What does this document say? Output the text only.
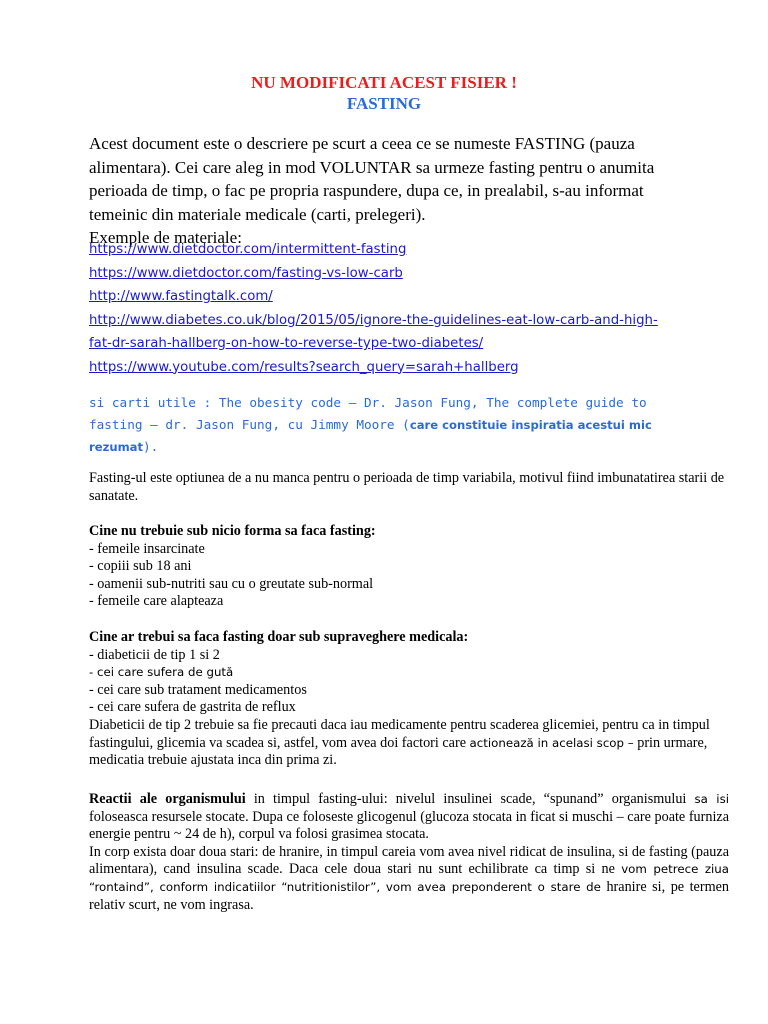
NU MODIFICATI ACEST FISIER !
FASTING
Acest document este o descriere pe scurt a ceea ce se numeste FASTING (pauza alimentara). Cei care aleg in mod VOLUNTAR sa urmeze fasting pentru o anumita perioada de timp, o fac pe propria raspundere, dupa ce, in prealabil, s-au informat temeinic din materiale medicale (carti, prelegeri).
Exemple de materiale:
https://www.dietdoctor.com/intermittent-fasting
https://www.dietdoctor.com/fasting-vs-low-carb
http://www.fastingtalk.com/
http://www.diabetes.co.uk/blog/2015/05/ignore-the-guidelines-eat-low-carb-and-high-
fat-dr-sarah-hallberg-on-how-to-reverse-type-two-diabetes/
https://www.youtube.com/results?search_query=sarah+hallberg
si carti utile : The obesity code – Dr. Jason Fung, The complete guide to fasting – dr. Jason Fung, cu Jimmy Moore (care constituie inspiratia acestui mic rezumat).

Fasting-ul este optiunea de a nu manca pentru o perioada de timp variabila, motivul fiind imbunatatirea starii de sanatate.

Cine nu trebuie sub nicio forma sa faca fasting:

- femeile insarcinate

- copiii sub 18 ani

- oamenii sub-nutriti sau cu o greutate sub-normal

- femeile care alapteaza

Cine ar trebui sa faca fasting doar sub supraveghere medicala:

- diabeticii de tip 1 si 2

- cei care sufera de gută

- cei care sub tratament medicamentos

- cei care sufera de gastrita de reflux

Diabeticii de tip 2 trebuie sa fie precauti daca iau medicamente pentru scaderea glicemiei, pentru ca in timpul fastingului, glicemia va scadea si, astfel, vom avea doi factori care actionează in acelasi scop – prin urmare, medicatia trebuie ajustata inca din prima zi.

Reactii ale organismului in timpul fasting-ului: nivelul insulinei scade, “spunand” organismului sa isi foloseasca resursele stocate. Dupa ce foloseste glicogenul (glucoza stocata in ficat si muschi – care poate furniza energie pentru ~ 24 de h), corpul va folosi grasimea stocata.

In corp exista doar doua stari: de hranire, in timpul careia vom avea nivel ridicat de insulina, si de fasting (pauza alimentara), cand insulina scade. Daca cele doua stari nu sunt echilibrate ca timp si ne vom petrece ziua “rontaind”, conform indicatiilor “nutritionistilor”, vom avea preponderent o stare de hranire si, pe termen relativ scurt, ne vom ingrasa.
